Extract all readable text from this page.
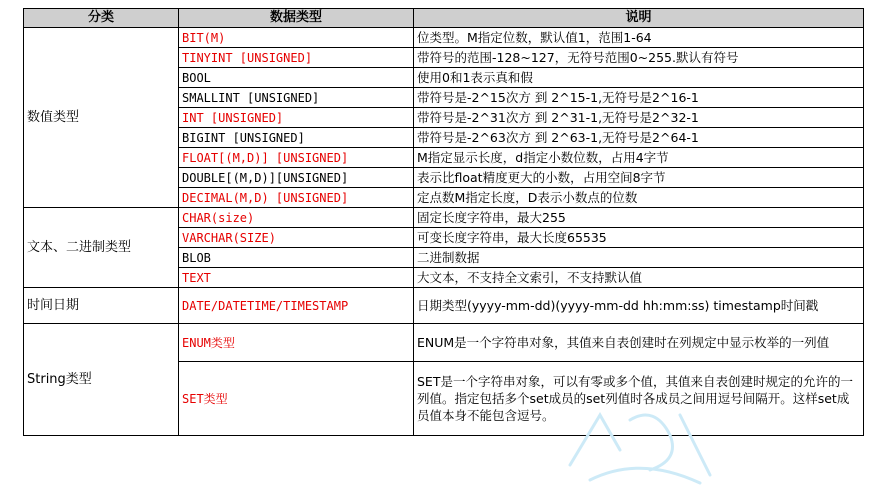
分类	数据类型	说明
数值类型	BIT(M)	位类型。M指定位数，默认值1，范围1-64
	TINYINT [UNSIGNED]	带符号的范围-128~127，无符号范围0~255.默认有符号
	BOOL	使用0和1表示真和假
	SMALLINT [UNSIGNED]	带符号是-2^15次方 到 2^15-1,无符号是2^16-1
	INT [UNSIGNED]	带符号是-2^31次方 到 2^31-1,无符号是2^32-1
	BIGINT [UNSIGNED]	带符号是-2^63次方 到 2^63-1,无符号是2^64-1
	FLOAT[(M,D)] [UNSIGNED]	M指定显示长度，d指定小数位数，占用4字节
	DOUBLE[(M,D)][UNSIGNED]	表示比float精度更大的小数，占用空间8字节
	DECIMAL(M,D) [UNSIGNED]	定点数M指定长度，D表示小数点的位数
文本、二进制类型	CHAR(size)	固定长度字符串，最大255
	VARCHAR(SIZE)	可变长度字符串，最大长度65535
	BLOB	二进制数据
	TEXT	大文本，不支持全文索引，不支持默认值
时间日期	DATE/DATETIME/TIMESTAMP	日期类型(yyyy-mm-dd)(yyyy-mm-dd hh:mm:ss) timestamp时间戳
String类型	ENUM类型	ENUM是一个字符串对象，其值来自表创建时在列规定中显示枚举的一列值
	SET类型	SET是一个字符串对象，可以有零或多个值，其值来自表创建时规定的允许的一列值。指定包括多个set成员的set列值时各成员之间用逗号间隔开。这样set成员值本身不能包含逗号。
